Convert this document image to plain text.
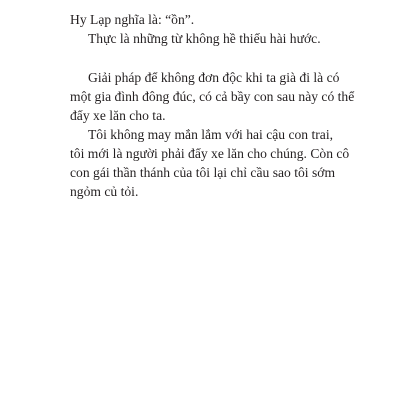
Hy Lạp nghĩa là: “ồn”.
Thực là những từ không hề thiếu hài hước.
Giải pháp để không đơn độc khi ta già đi là có
một gia đình đông đúc, có cả bầy con sau này có thể
đẩy xe lăn cho ta.
Tôi không may mắn lắm với hai cậu con trai,
tôi mới là người phải đẩy xe lăn cho chúng. Còn cô
con gái thần thánh của tôi lại chỉ cầu sao tôi sớm
ngỏm củ tỏi.
